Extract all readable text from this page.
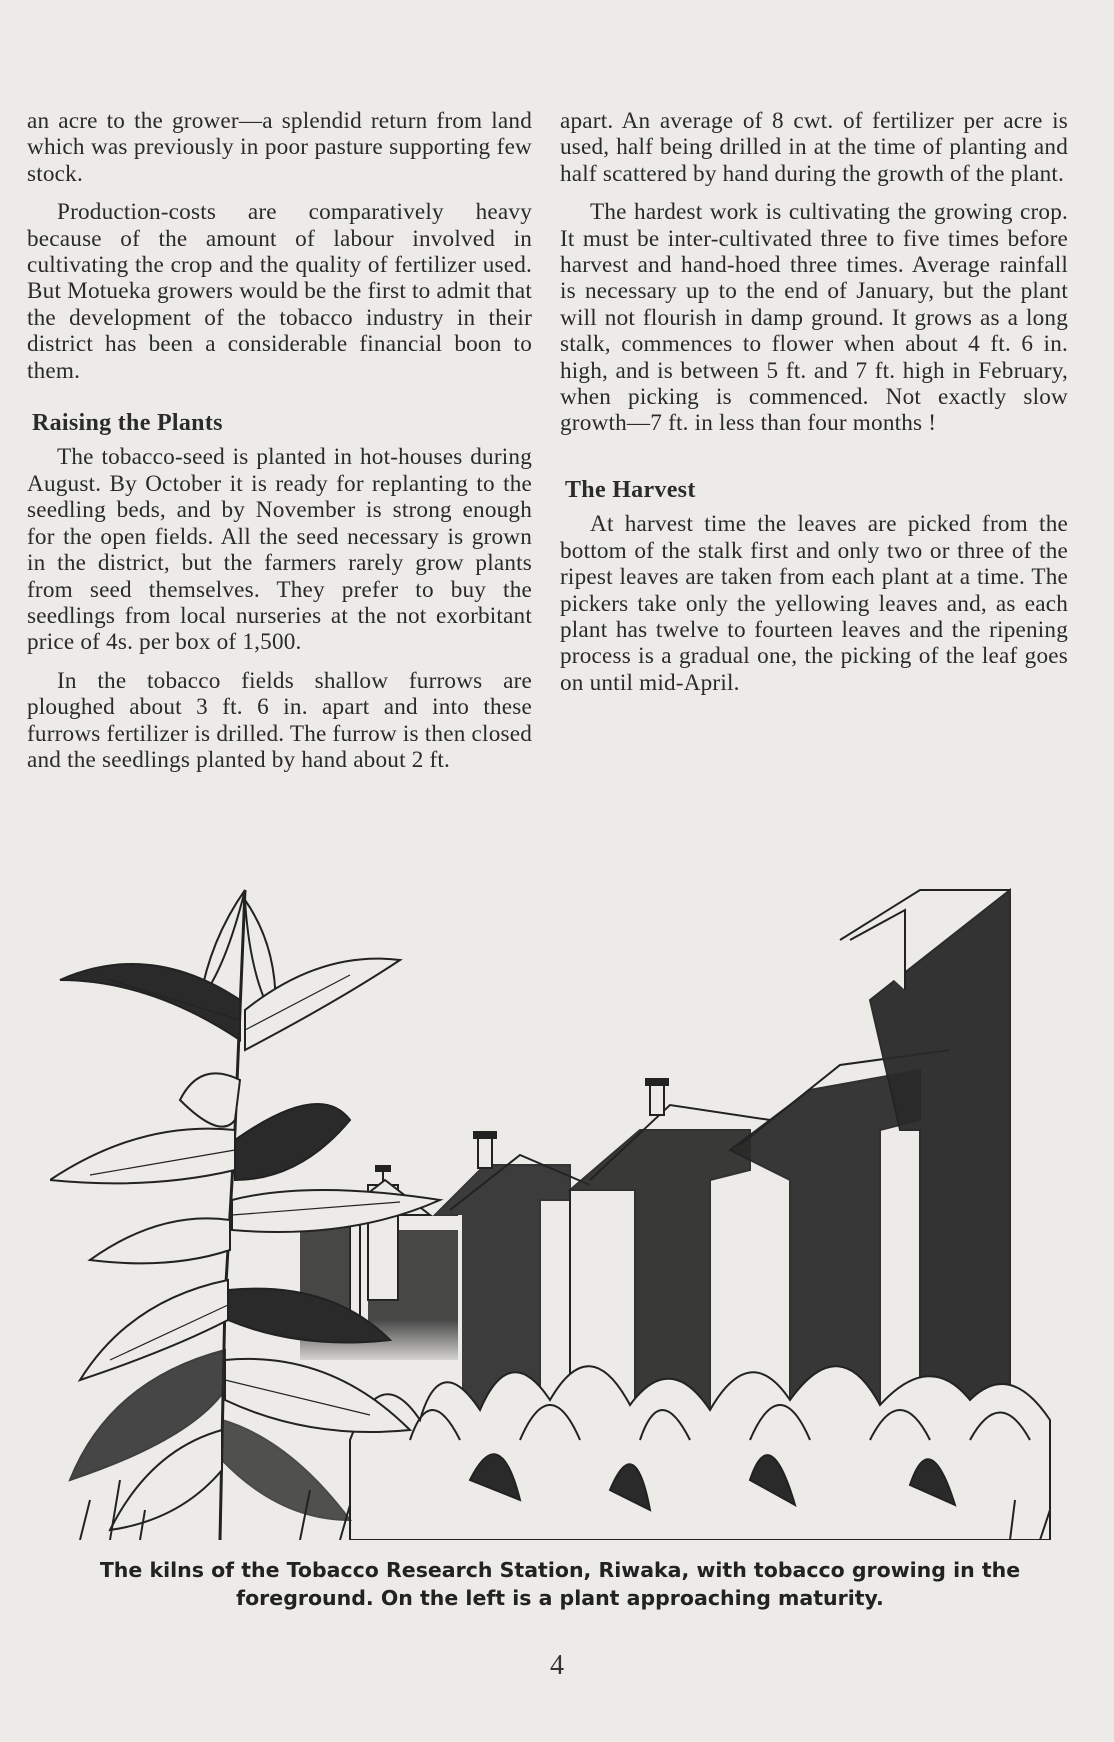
an acre to the grower—a splendid return from land which was previously in poor pasture supporting few stock.

Production-costs are comparatively heavy because of the amount of labour involved in cultivating the crop and the quality of fertilizer used. But Motueka growers would be the first to admit that the development of the tobacco industry in their district has been a considerable financial boon to them.

Raising the Plants

The tobacco-seed is planted in hot-houses during August. By October it is ready for replanting to the seedling beds, and by November is strong enough for the open fields. All the seed necessary is grown in the district, but the farmers rarely grow plants from seed themselves. They prefer to buy the seedlings from local nurseries at the not exorbitant price of 4s. per box of 1,500.

In the tobacco fields shallow furrows are ploughed about 3 ft. 6 in. apart and into these furrows fertilizer is drilled. The furrow is then closed and the seedlings planted by hand about 2 ft.

apart. An average of 8 cwt. of fertilizer per acre is used, half being drilled in at the time of planting and half scattered by hand during the growth of the plant.

The hardest work is cultivating the growing crop. It must be inter-cultivated three to five times before harvest and hand-hoed three times. Average rainfall is necessary up to the end of January, but the plant will not flourish in damp ground. It grows as a long stalk, commences to flower when about 4 ft. 6 in. high, and is between 5 ft. and 7 ft. high in February, when picking is commenced. Not exactly slow growth—7 ft. in less than four months !

The Harvest

At harvest time the leaves are picked from the bottom of the stalk first and only two or three of the ripest leaves are taken from each plant at a time. The pickers take only the yellowing leaves and, as each plant has twelve to fourteen leaves and the ripening process is a gradual one, the picking of the leaf goes on until mid-April.

The kilns of the Tobacco Research Station, Riwaka, with tobacco growing in the foreground. On the left is a plant approaching maturity.
4
